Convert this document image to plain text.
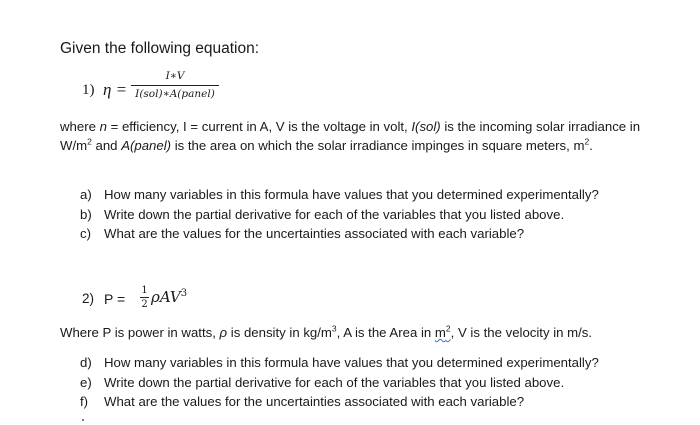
Given the following equation:
1) η =
I∗V
I(sol)∗A(panel)
where n = efficiency, I = current in A, V is the voltage in volt, I(sol) is the incoming solar irradiance in $W/m^2$ and A(panel) is the area on which the solar irradiance impinges in square meters, $m^2$.
a) How many variables in this formula have values that you determined experimentally?
b) Write down the partial derivative for each of the variables that you listed above.
c) What are the values for the uncertainties associated with each variable?
2) P =
1
2 ρAV$^3$
Where P is power in watts, ρ is density in $kg/m^3$, A is the Area in $m^2$, V is the velocity in m/s.
d) How many variables in this formula have values that you determined experimentally?
e) Write down the partial derivative for each of the variables that you listed above.
f)	What are the values for the uncertainties associated with each variable?
